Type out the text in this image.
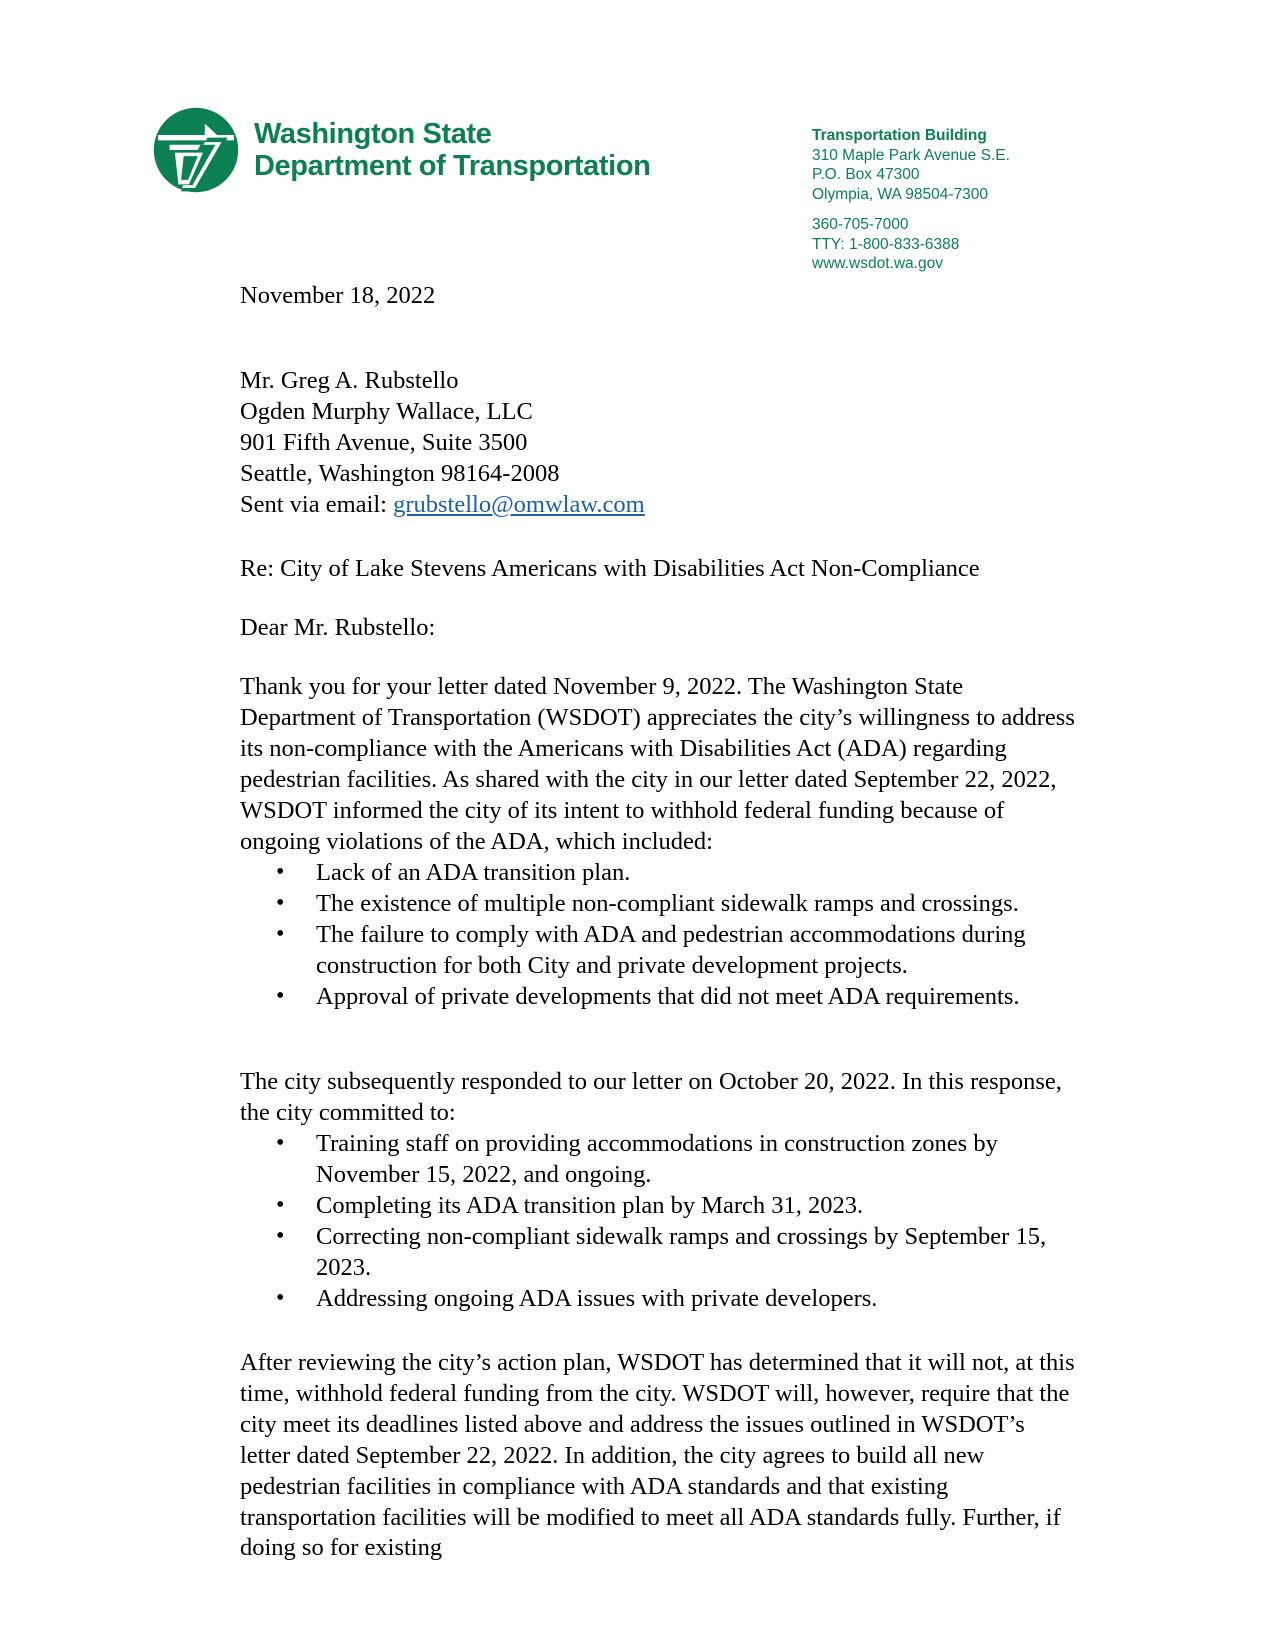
Washington State
Department of Transportation
Transportation Building
310 Maple Park Avenue S.E.
P.O. Box 47300
Olympia, WA 98504-7300
360-705-7000
TTY: 1-800-833-6388
www.wsdot.wa.gov

November 18, 2022

Mr. Greg A. Rubstello
Ogden Murphy Wallace, LLC
901 Fifth Avenue, Suite 3500
Seattle, Washington 98164-2008
Sent via email: grubstello@omwlaw.com

Re: City of Lake Stevens Americans with Disabilities Act Non-Compliance

Dear Mr. Rubstello:

Thank you for your letter dated November 9, 2022. The Washington State Department of Transportation (WSDOT) appreciates the city’s willingness to address its non-compliance with the Americans with Disabilities Act (ADA) regarding pedestrian facilities. As shared with the city in our letter dated September 22, 2022, WSDOT informed the city of its intent to withhold federal funding because of ongoing violations of the ADA, which included:

• Lack of an ADA transition plan.
• The existence of multiple non-compliant sidewalk ramps and crossings.
• The failure to comply with ADA and pedestrian accommodations during construction for both City and private development projects.
• Approval of private developments that did not meet ADA requirements.

The city subsequently responded to our letter on October 20, 2022. In this response, the city committed to:

• Training staff on providing accommodations in construction zones by November 15, 2022, and ongoing.
• Completing its ADA transition plan by March 31, 2023.
• Correcting non-compliant sidewalk ramps and crossings by September 15, 2023.
• Addressing ongoing ADA issues with private developers.

After reviewing the city’s action plan, WSDOT has determined that it will not, at this time, withhold federal funding from the city. WSDOT will, however, require that the city meet its deadlines listed above and address the issues outlined in WSDOT’s letter dated September 22, 2022. In addition, the city agrees to build all new pedestrian facilities in compliance with ADA standards and that existing transportation facilities will be modified to meet all ADA standards fully. Further, if doing so for existing
